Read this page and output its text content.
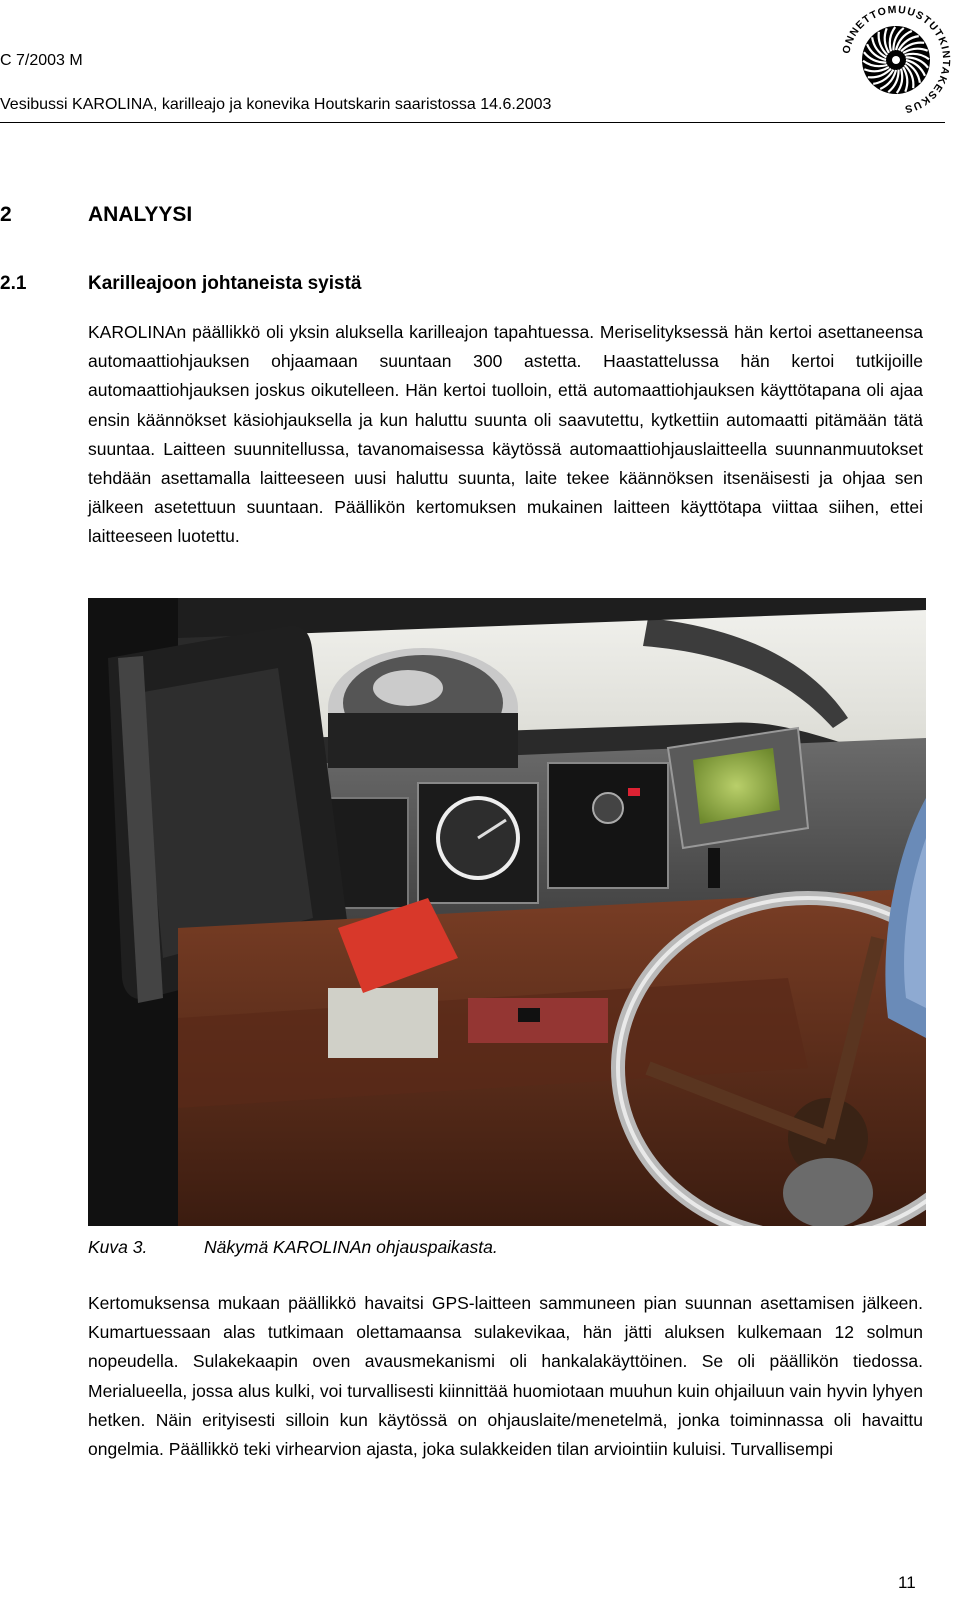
C 7/2003 M
Vesibussi KAROLINA, karilleajo ja konevika Houtskarin saaristossa 14.6.2003
ONNETTOMUUSTUTKINTAKESKUS
2	ANALYYSI
2.1	Karilleajoon johtaneista syistä
KAROLINAn päällikkö oli yksin aluksella karilleajon tapahtuessa. Meriselityksessä hän kertoi asettaneensa automaattiohjauksen ohjaamaan suuntaan 300 astetta. Haastattelussa hän kertoi tutkijoille automaattiohjauksen joskus oikutelleen. Hän kertoi tuolloin, että automaattiohjauksen käyttötapana oli ajaa ensin käännökset käsiohjauksella ja kun haluttu suunta oli saavutettu, kytkettiin automaatti pitämään tätä suuntaa. Laitteen suunnitellussa, tavanomaisessa käytössä automaattiohjauslaitteella suunnanmuutokset tehdään asettamalla laitteeseen uusi haluttu suunta, laite tekee käännöksen itsenäisesti ja ohjaa sen jälkeen asetettuun suuntaan. Päällikön kertomuksen mukainen laitteen käyttötapa viittaa siihen, ettei laitteeseen luotettu.
Kuva 3.	Näkymä KAROLINAn ohjauspaikasta.
Kertomuksensa mukaan päällikkö havaitsi GPS-laitteen sammuneen pian suunnan asettamisen jälkeen. Kumartuessaan alas tutkimaan olettamaansa sulakevikaa, hän jätti aluksen kulkemaan 12 solmun nopeudella. Sulakekaapin oven avausmekanismi oli hankalakäyttöinen. Se oli päällikön tiedossa. Merialueella, jossa alus kulki, voi turvallisesti kiinnittää huomiotaan muuhun kuin ohjailuun vain hyvin lyhyen hetken. Näin erityisesti silloin kun käytössä on ohjauslaite/menetelmä, jonka toiminnassa oli havaittu ongelmia. Päällikkö teki virhearvion ajasta, joka sulakkeiden tilan arviointiin kuluisi. Turvallisempi
11
